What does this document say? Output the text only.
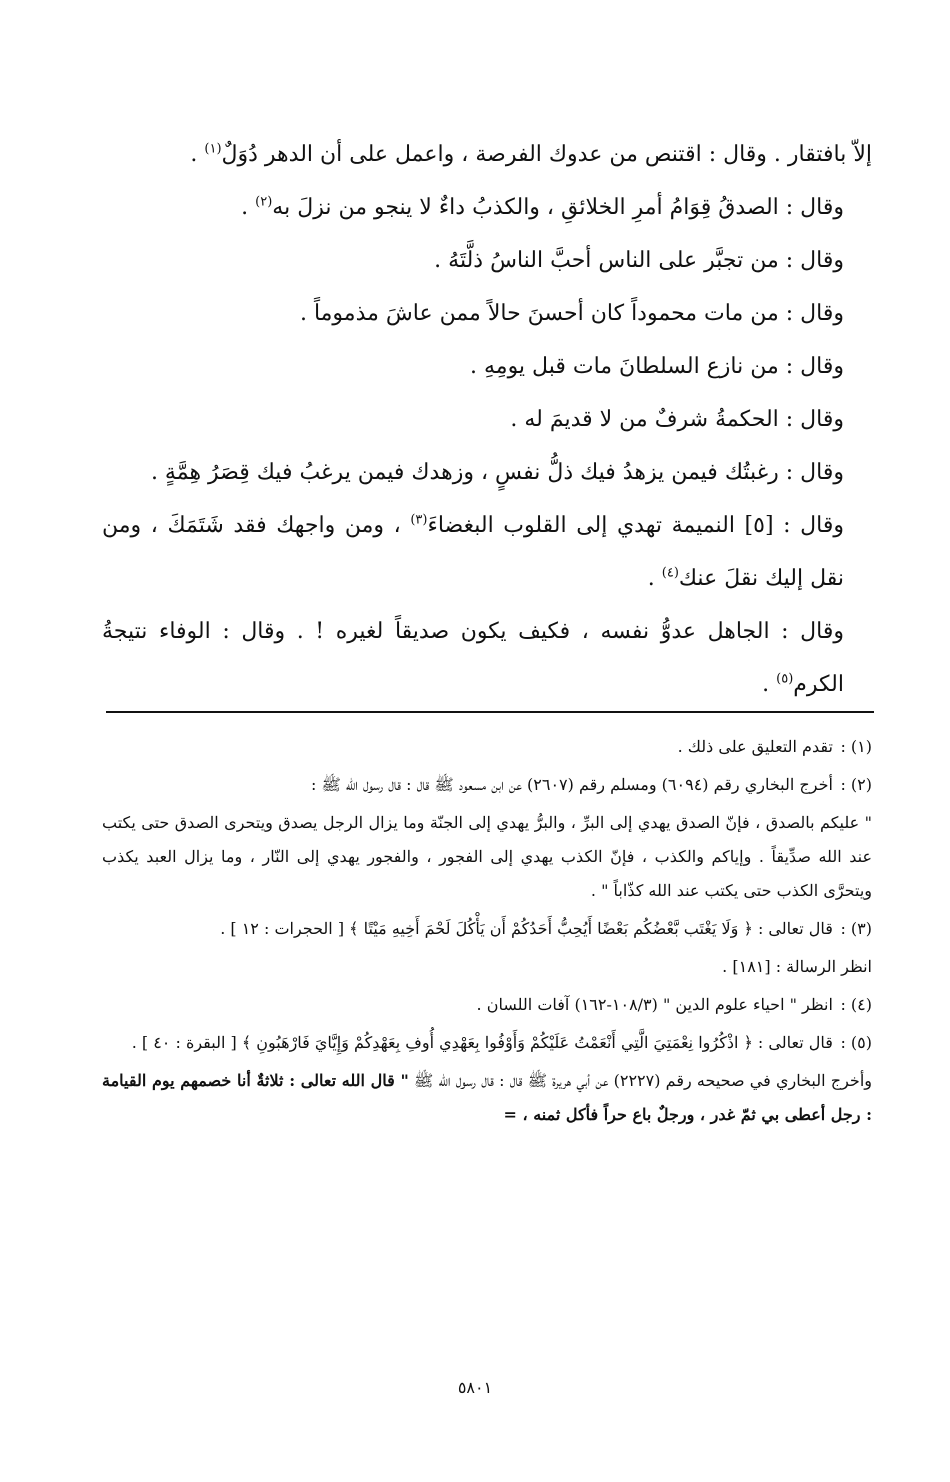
إلاّ بافتقار . وقال : اقتنص من عدوك الفرصة ، واعمل على أن الدهر دُوَلٌ$^{(١)}$ .

وقال : الصدقُ قِوَامُ أمرِ الخلائقِ ، والكذبُ داءٌ لا ينجو من نزلَ به$^{(٢)}$ .

وقال : من تجبَّر على الناس أحبَّ الناسُ ذلَّتَهُ .

وقال : من مات محموداً كان أحسنَ حالاً ممن عاشَ مذموماً .

وقال : من نازع السلطانَ مات قبل يومِهِ .

وقال : الحكمةُ شرفٌ من لا قديمَ له .

وقال : رغبتُك فيمن يزهدُ فيك ذلُّ نفسٍ ، وزهدك فيمن يرغبُ فيك قِصَرُ هِمَّةٍ .

وقال : [٥] النميمة تهدي إلى القلوب البغضاءَ$^{(٣)}$ ، ومن واجهك فقد شَتَمَكَ ، ومن نقل إليك نقلَ عنك$^{(٤)}$ .

وقال : الجاهل عدوُّ نفسه ، فكيف يكون صديقاً لغيره ! . وقال : الوفاء نتيجةُ الكرم$^{(٥)}$ .

(١) : تقدم التعليق على ذلك .

(٢) : أخرج البخاري رقم (٦٠٩٤) ومسلم رقم (٢٦٠٧) عن ابن مسعود ﷺ قال : قال رسول الله ﷺ :

" عليكم بالصدق ، فإنّ الصدق يهدي إلى البرِّ ، والبرُّ يهدي إلى الجنّة وما يزال الرجل يصدق ويتحرى الصدق حتى يكتب عند الله صدِّيقاً . وإياكم والكذب ، فإنّ الكذب يهدي إلى الفجور ، والفجور يهدي إلى النّار ، وما يزال العبد يكذب ويتحرَّى الكذب حتى يكتب عند الله كذّاباً " .

(٣) : قال تعالى : ﴿ وَلَا يَغْتَب بَّعْضُكُم بَعْضًا أَيُحِبُّ أَحَدُكُمْ أَن يَأْكُلَ لَحْمَ أَخِيهِ مَيْتًا ﴾ [ الحجرات : ١٢ ] .

انظر الرسالة : [١٨١] .

(٤) : انظر " احياء علوم الدين " (١٠٨/٣-١٦٢) آفات اللسان .

(٥) : قال تعالى : ﴿ اذْكُرُوا نِعْمَتِيَ الَّتِي أَنْعَمْتُ عَلَيْكُمْ وَأَوْفُوا بِعَهْدِي أُوفِ بِعَهْدِكُمْ وَإِيَّايَ فَارْهَبُونِ ﴾ [ البقرة : ٤٠ ] .

وأخرج البخاري في صحيحه رقم (٢٢٢٧) عن أبي هريرة ﷺ قال : قال رسول الله ﷺ " قال الله تعالى : ثلاثةٌ أنا خصمهم يوم القيامة : رجل أعطى بي ثمّ غدر ، ورجلٌ باع حراً فأكل ثمنه ، =

٥٨٠١
